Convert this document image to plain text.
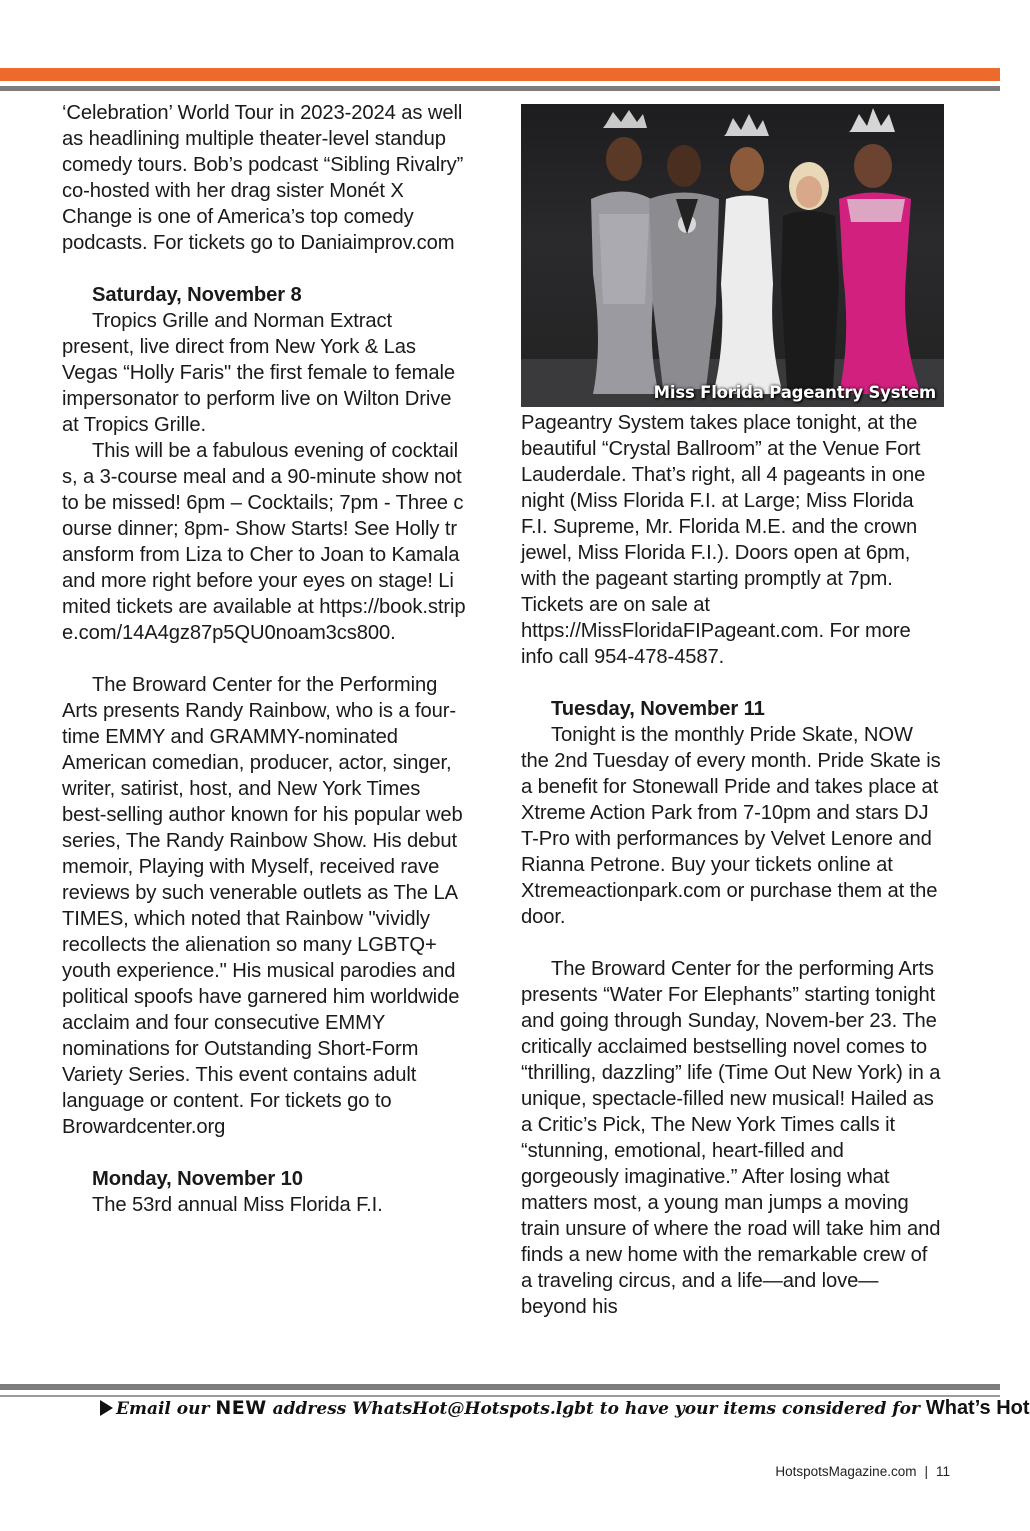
‘Celebration’ World Tour in 2023-2024 as well as headlining multiple theater-level standup comedy tours. Bob’s podcast “Sibling Rivalry” co-hosted with her drag sister Monét X Change is one of America’s top comedy podcasts. For tickets go to Daniaimprov.com

Saturday, November 8

Tropics Grille and Norman Extract present, live direct from New York & Las Vegas “Holly Faris" the first female to female impersonator to perform live on Wilton Drive at Tropics Grille.

This will be a fabulous evening of cocktails, a 3-course meal and a 90-minute show not to be missed! 6pm – Cocktails; 7pm - Three course dinner; 8pm- Show Starts! See Holly transform from Liza to Cher to Joan to Kamala and more right before your eyes on stage! Limited tickets are available at https://book.stripe.com/14A4gz87p5QU0noam3cs800.

The Broward Center for the Performing Arts presents Randy Rainbow, who is a four-time EMMY and GRAMMY-nominated American comedian, producer, actor, singer, writer, satirist, host, and New York Times best-selling author known for his popular web series, The Randy Rainbow Show. His debut memoir, Playing with Myself, received rave reviews by such venerable outlets as The LA TIMES, which noted that Rainbow "vividly recollects the alienation so many LGBTQ+ youth experience." His musical parodies and political spoofs have garnered him worldwide acclaim and four consecutive EMMY nominations for Outstanding Short-Form Variety Series. This event contains adult language or content. For tickets go to Browardcenter.org

Monday, November 10

The 53rd annual Miss Florida F.I.

Miss Florida Pageantry System

Pageantry System takes place tonight, at the beautiful “Crystal Ballroom” at the Venue Fort Lauderdale. That’s right, all 4 pageants in one night (Miss Florida F.I. at Large; Miss Florida F.I. Supreme, Mr. Florida M.E. and the crown jewel, Miss Florida F.I.). Doors open at 6pm, with the pageant starting promptly at 7pm. Tickets are on sale at https://MissFloridaFIPageant.com. For more info call 954-478-4587.

Tuesday, November 11

Tonight is the monthly Pride Skate, NOW the 2nd Tuesday of every month. Pride Skate is a benefit for Stonewall Pride and takes place at Xtreme Action Park from 7-10pm and stars DJ T-Pro with performances by Velvet Lenore and Rianna Petrone. Buy your tickets online at Xtremeactionpark.com or purchase them at the door.

The Broward Center for the performing Arts presents “Water For Elephants” starting tonight and going through Sunday, Novem-ber 23. The critically acclaimed bestselling novel comes to “thrilling, dazzling” life (Time Out New York) in a unique, spectacle-filled new musical! Hailed as a Critic’s Pick, The New York Times calls it “stunning, emotional, heart-filled and gorgeously imaginative.” After losing what matters most, a young man jumps a moving train unsure of where the road will take him and finds a new home with the remarkable crew of a traveling circus, and a life—and love—beyond his

Email our NEW address WhatsHot@Hotspots.lgbt to have your items considered for What’s Hot
HotspotsMagazine.com | 11
